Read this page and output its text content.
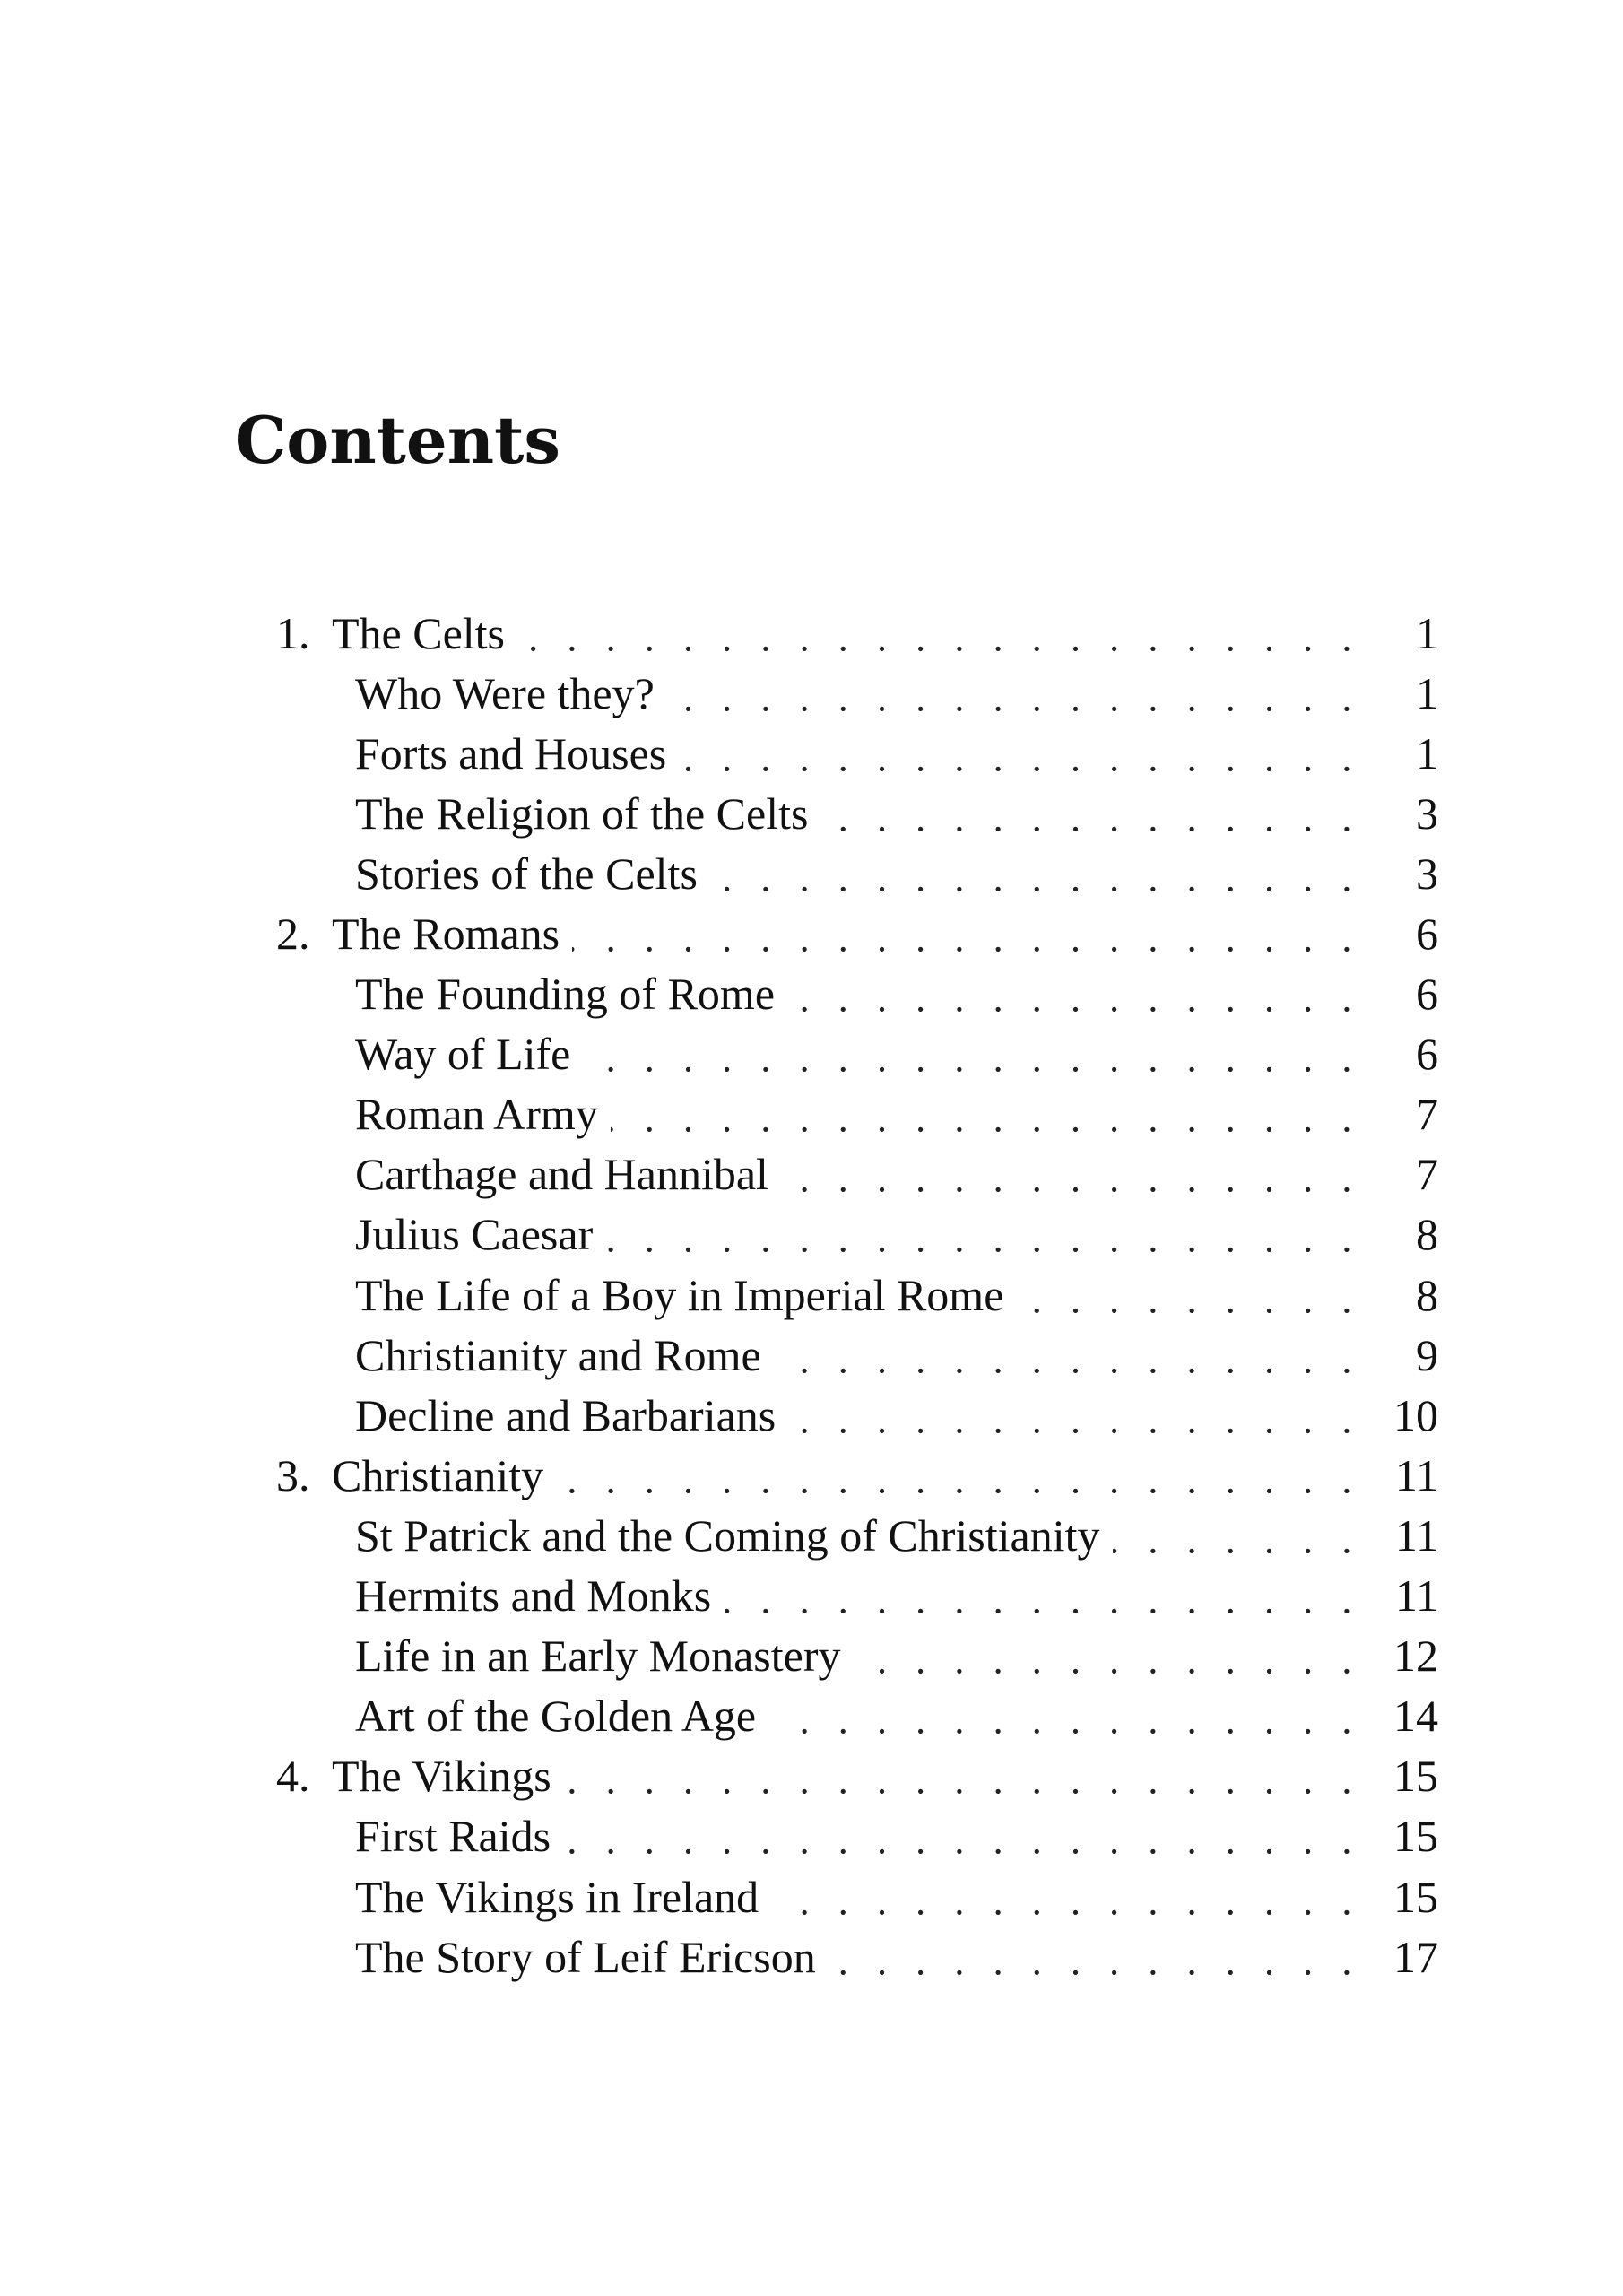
Contents
1. The Celts . . .	1
Who Were they? . . .	1
Forts and Houses . . .	1
The Religion of the Celts . . .	3
Stories of the Celts . . .	3
2. The Romans . . .	6
The Founding of Rome . . .	6
Way of Life . . .	6
Roman Army . . .	7
Carthage and Hannibal . . .	7
Julius Caesar . . .	8
The Life of a Boy in Imperial Rome . . .	8
Christianity and Rome . . .	9
Decline and Barbarians . . .	10
3. Christianity . . .	11
St Patrick and the Coming of Christianity . . .	11
Hermits and Monks . . .	11
Life in an Early Monastery . . .	12
Art of the Golden Age . . .	14
4. The Vikings . . .	15
First Raids . . .	15
The Vikings in Ireland . . .	15
The Story of Leif Ericson . . .	17
